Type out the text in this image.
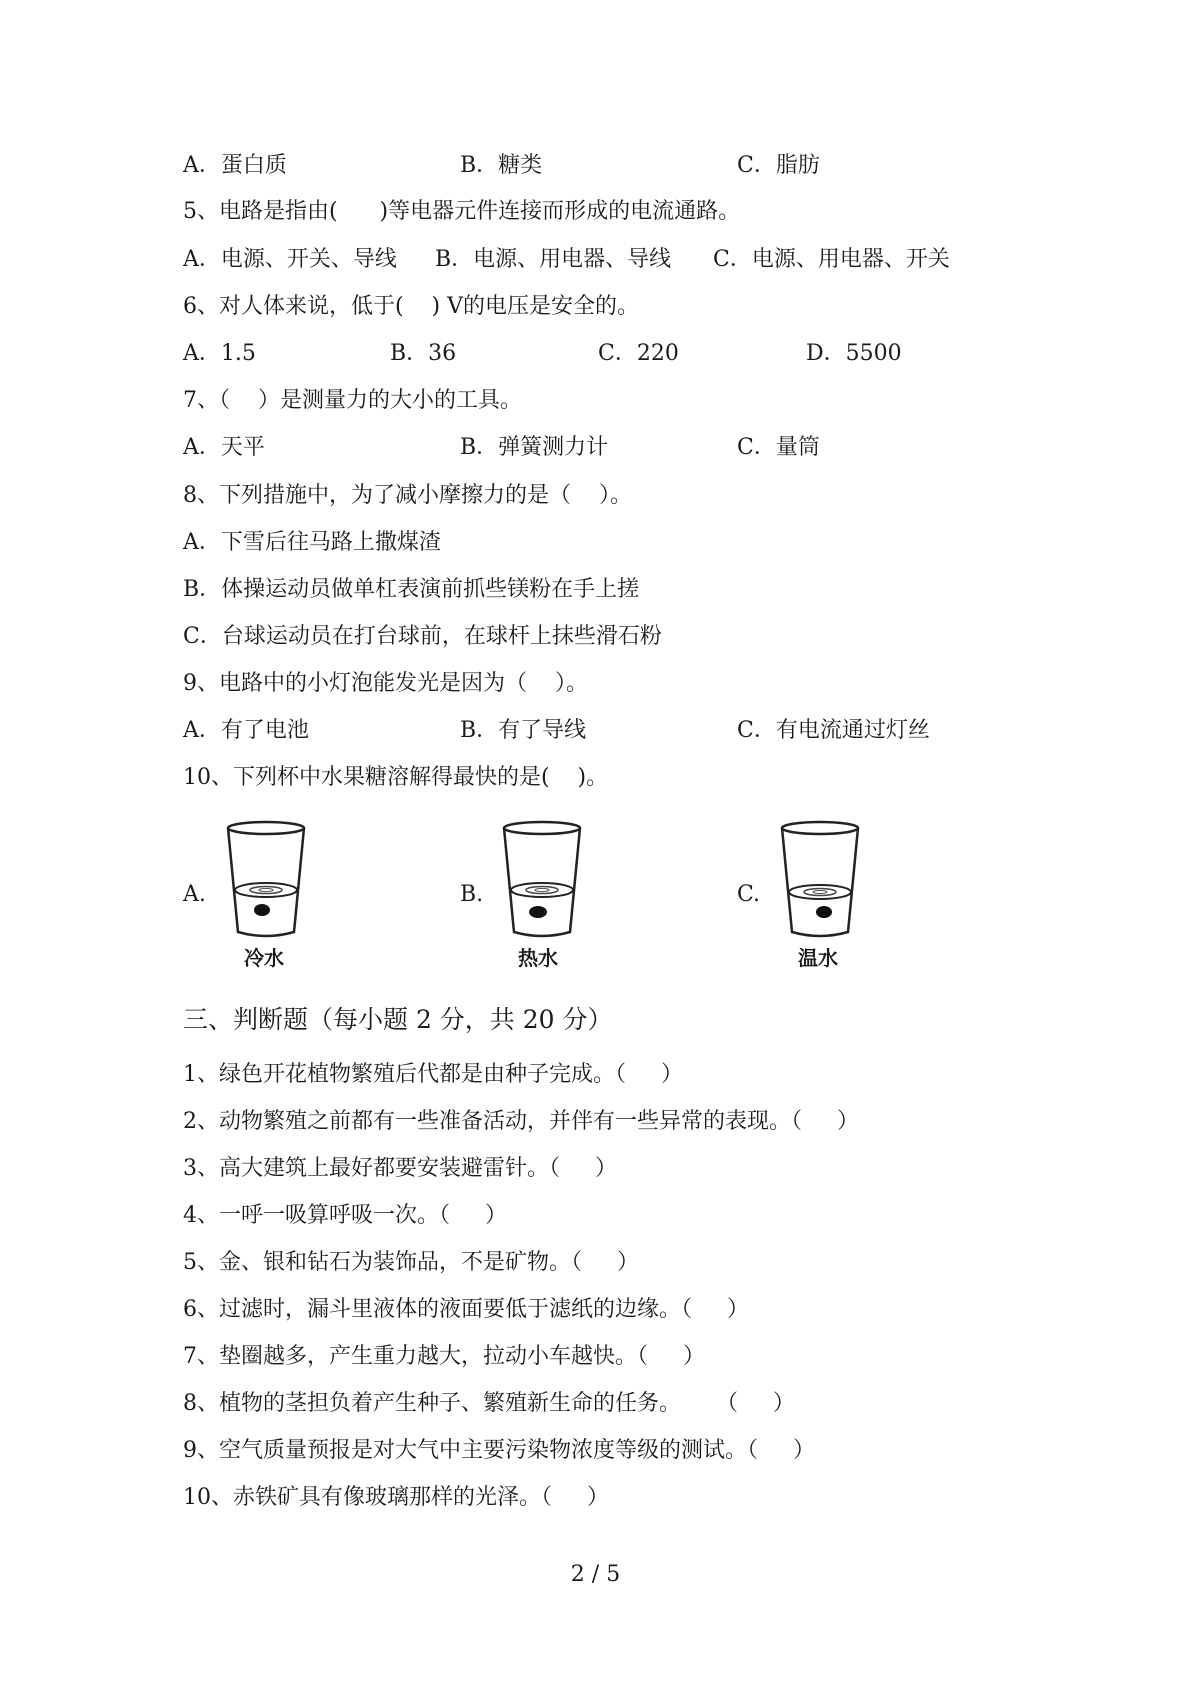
A．蛋白质	B．糖类	C．脂肪
5、电路是指由(      )等电器元件连接而形成的电流通路。
A．电源、开关、导线 B．电源、用电器、导线 C．电源、用电器、开关
6、对人体来说，低于(    ) V的电压是安全的。
A．1.5	B．36	C．220	D．5500
7、（    ）是测量力的大小的工具。
A．天平	B．弹簧测力计	C．量筒
8、下列措施中，为了减小摩擦力的是（    ）。
A．下雪后往马路上撒煤渣
B．体操运动员做单杠表演前抓些镁粉在手上搓
C．台球运动员在打台球前，在球杆上抹些滑石粉
9、电路中的小灯泡能发光是因为（    ）。
A．有了电池	B．有了导线	C．有电流通过灯丝
10、下列杯中水果糖溶解得最快的是(    )。
A.	B.	C.
冷水	热水	温水
三、判断题（每小题 2 分，共 20 分）
1、绿色开花植物繁殖后代都是由种子完成。（     ）
2、动物繁殖之前都有一些准备活动，并伴有一些异常的表现。（     ）
3、高大建筑上最好都要安装避雷针。（     ）
4、一呼一吸算呼吸一次。（     ）
5、金、银和钻石为装饰品，不是矿物。（     ）
6、过滤时，漏斗里液体的液面要低于滤纸的边缘。（     ）
7、垫圈越多，产生重力越大，拉动小车越快。（     ）
8、植物的茎担负着产生种子、繁殖新生命的任务。     （     ）
9、空气质量预报是对大气中主要污染物浓度等级的测试。（     ）
10、赤铁矿具有像玻璃那样的光泽。（     ）
2 / 5
